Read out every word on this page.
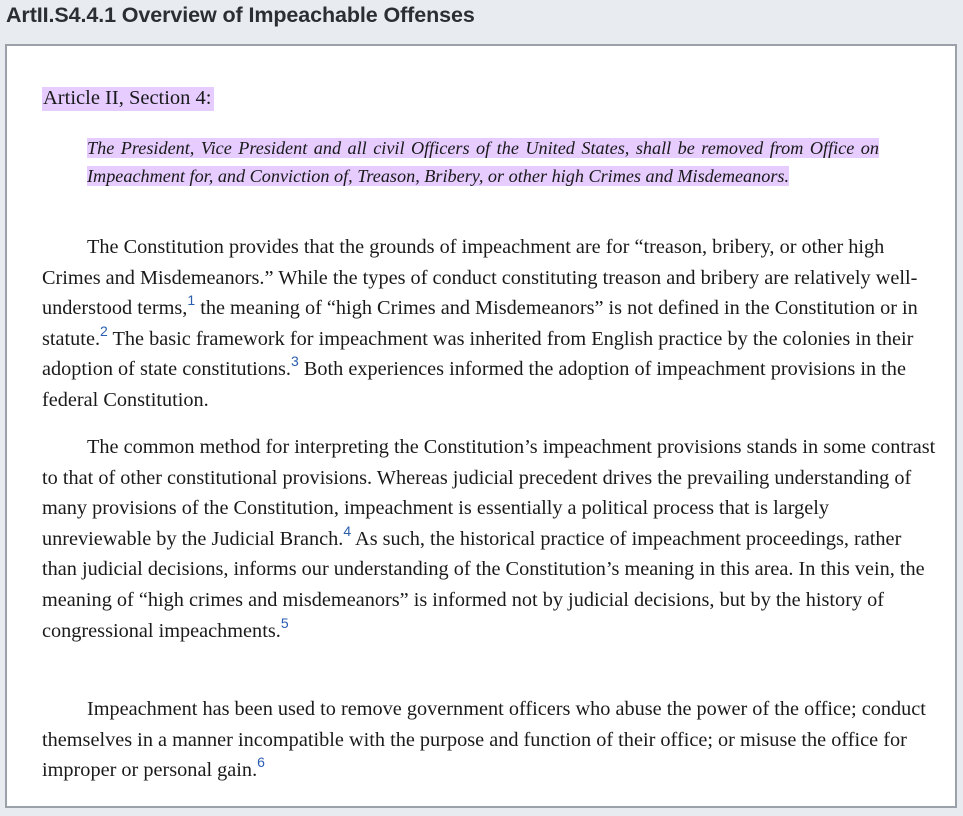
ArtII.S4.4.1 Overview of Impeachable Offenses
Article II, Section 4:
The President, Vice President and all civil Officers of the United States, shall be removed from Office on Impeachment for, and Conviction of, Treason, Bribery, or other high Crimes and Misdemeanors.

The Constitution provides that the grounds of impeachment are for “treason, bribery, or other high Crimes and Misdemeanors.” While the types of conduct constituting treason and bribery are relatively well-understood terms,$^1$ the meaning of “high Crimes and Misdemeanors” is not defined in the Constitution or in statute.$^2$ The basic framework for impeachment was inherited from English practice by the colonies in their adoption of state constitutions.$^3$ Both experiences informed the adoption of impeachment provisions in the federal Constitution.

The common method for interpreting the Constitution’s impeachment provisions stands in some contrast to that of other constitutional provisions. Whereas judicial precedent drives the prevailing understanding of many provisions of the Constitution, impeachment is essentially a political process that is largely unreviewable by the Judicial Branch.$^4$ As such, the historical practice of impeachment proceedings, rather than judicial decisions, informs our understanding of the Constitution’s meaning in this area. In this vein, the meaning of “high crimes and misdemeanors” is informed not by judicial decisions, but by the history of congressional impeachments.$^5$

Impeachment has been used to remove government officers who abuse the power of the office; conduct themselves in a manner incompatible with the purpose and function of their office; or misuse the office for improper or personal gain.$^6$
